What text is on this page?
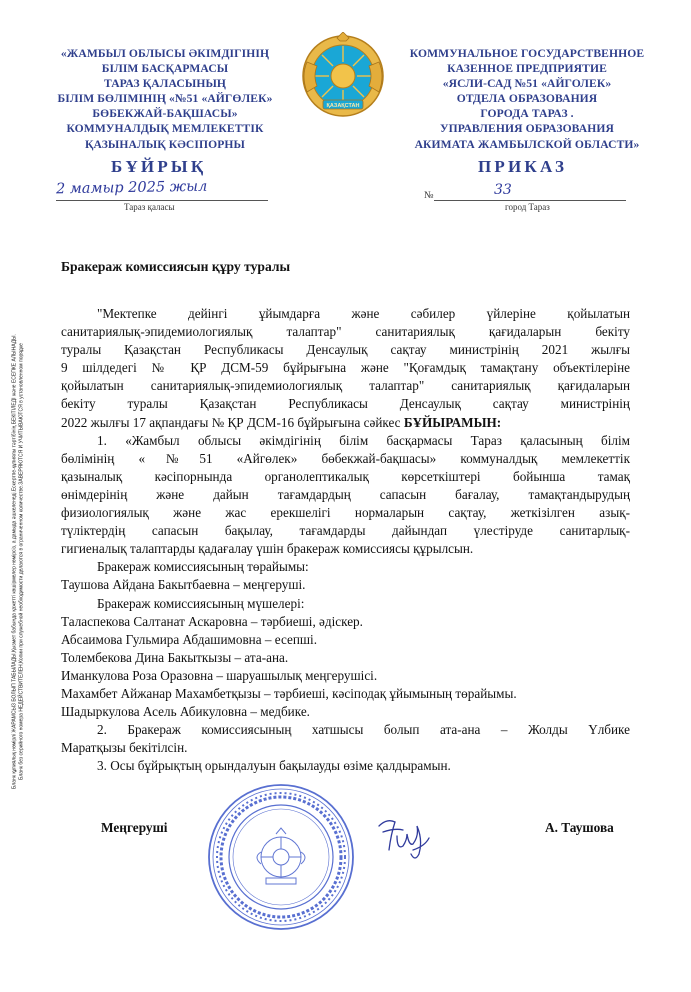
«ЖАМБЫЛ ОБЛЫСЫ ӘКІМДІГІНІҢ
БІЛІМ БАСҚАРМАСЫ
ТАРАЗ ҚАЛАСЫНЫҢ
БІЛІМ БӨЛІМІНІҢ «№51 «АЙГӨЛЕК»
БӨБЕКЖАЙ-БАҚШАСЫ»
КОММУНАЛДЫҚ МЕМЛЕКЕТТІК
ҚАЗЫНАЛЫҚ КӘСІПОРНЫ
ҚАЗАҚСТАН
КОММУНАЛЬНОЕ ГОСУДАРСТВЕННОЕ
КАЗЕННОЕ ПРЕДПРИЯТИЕ
«ЯСЛИ-САД №51 «АЙГОЛЕК»
ОТДЕЛА ОБРАЗОВАНИЯ
ГОРОДА ТАРАЗ .
УПРАВЛЕНИЯ ОБРАЗОВАНИЯ
АКИМАТА ЖАМБЫЛСКОЙ ОБЛАСТИ»
БҰЙРЫҚ	ПРИКАЗ
2 мамыр 2025 жыл
Тараз қаласы
№	33
город Тараз
Бланк құпиялық нөмірлі ЖАРАМСЫЗ БОЛЫП ТАБЫЛАДЫ,Қызмет бабында қажетті көшірмелер нөмірсіз, а дамыда әшкеленеді.Ескертпе-құпиялы тәртібінің БЕКІТІЛЕДІ және ЕСЕПКЕ АЛЫНАДЫ. Бланк без серийного номера НЕДЕЙСТВИТЕЛЕН,Копии при служебной необходимости делаются в ограниченном количестве.ЗАВЕРЯЮТСЯ И УЧИТЫВАЮТСЯ в установленном порядке
Бракераж комиссиясын құру туралы
"Мектепке дейінгі ұйымдарға және сәбилер үйлеріне қойылатын
санитариялық-эпидемиологиялық талаптар" санитариялық қағидаларын бекіту
туралы Қазақстан Республикасы Денсаулық сақтау министрінің 2021 жылғы
9 шілдедегі № ҚР ДСМ-59 бұйрығына және "Қоғамдық тамақтану объектілеріне
қойылатын санитариялық-эпидемиологиялық талаптар" санитариялық қағидаларын
бекіту туралы Қазақстан Республикасы Денсаулық сақтау министрінің
2022 жылғы 17 ақпандағы № ҚР ДСМ-16 бұйрығына сәйкес БҰЙЫРАМЫН:
1. «Жамбыл облысы әкімдігінің білім басқармасы Тараз қаласының білім
бөлімінің «№51 «Айгөлек» бөбекжай-бақшасы» коммуналдық мемлекеттік
қазыналық кәсіпорнында органолептикалық көрсеткіштері бойынша тамақ
өнімдерінің және дайын тағамдардың сапасын бағалау, тамақтандырудың
физиологиялық және жас ерекшелігі нормаларын сақтау, жеткізілген азық-
түліктердің сапасын бақылау, тағамдарды дайындап үлестіруде санитарлық-
гигиеналық талаптарды қадағалау үшін бракераж комиссиясы құрылсын.
Бракераж комиссиясының төрайымы:
Таушова Айдана Бакытбаевна – меңгеруші.
Бракераж комиссиясының мүшелері:
Таласпекова Салтанат Аскаровна – тәрбиеші, әдіскер.
Абсаимова Гульмира Абдашимовна – есепші.
Толембекова Дина Бакыткызы – ата-ана.
Иманкулова Роза Оразовна – шаруашылық меңгерушісі.
Махамбет Айжанар Махамбетқызы – тәрбиеші, кәсіподақ ұйымының төрайымы.
Шадыркулова Асель Абикуловна – медбике.
2. Бракераж комиссиясының хатшысы болып ата-ана – Жолды Үлбике
Маратқызы бекітілсін.
3. Осы бұйрықтың орындалуын бақылауды өзіме қалдырамын.
Меңгеруші	А. Таушова
